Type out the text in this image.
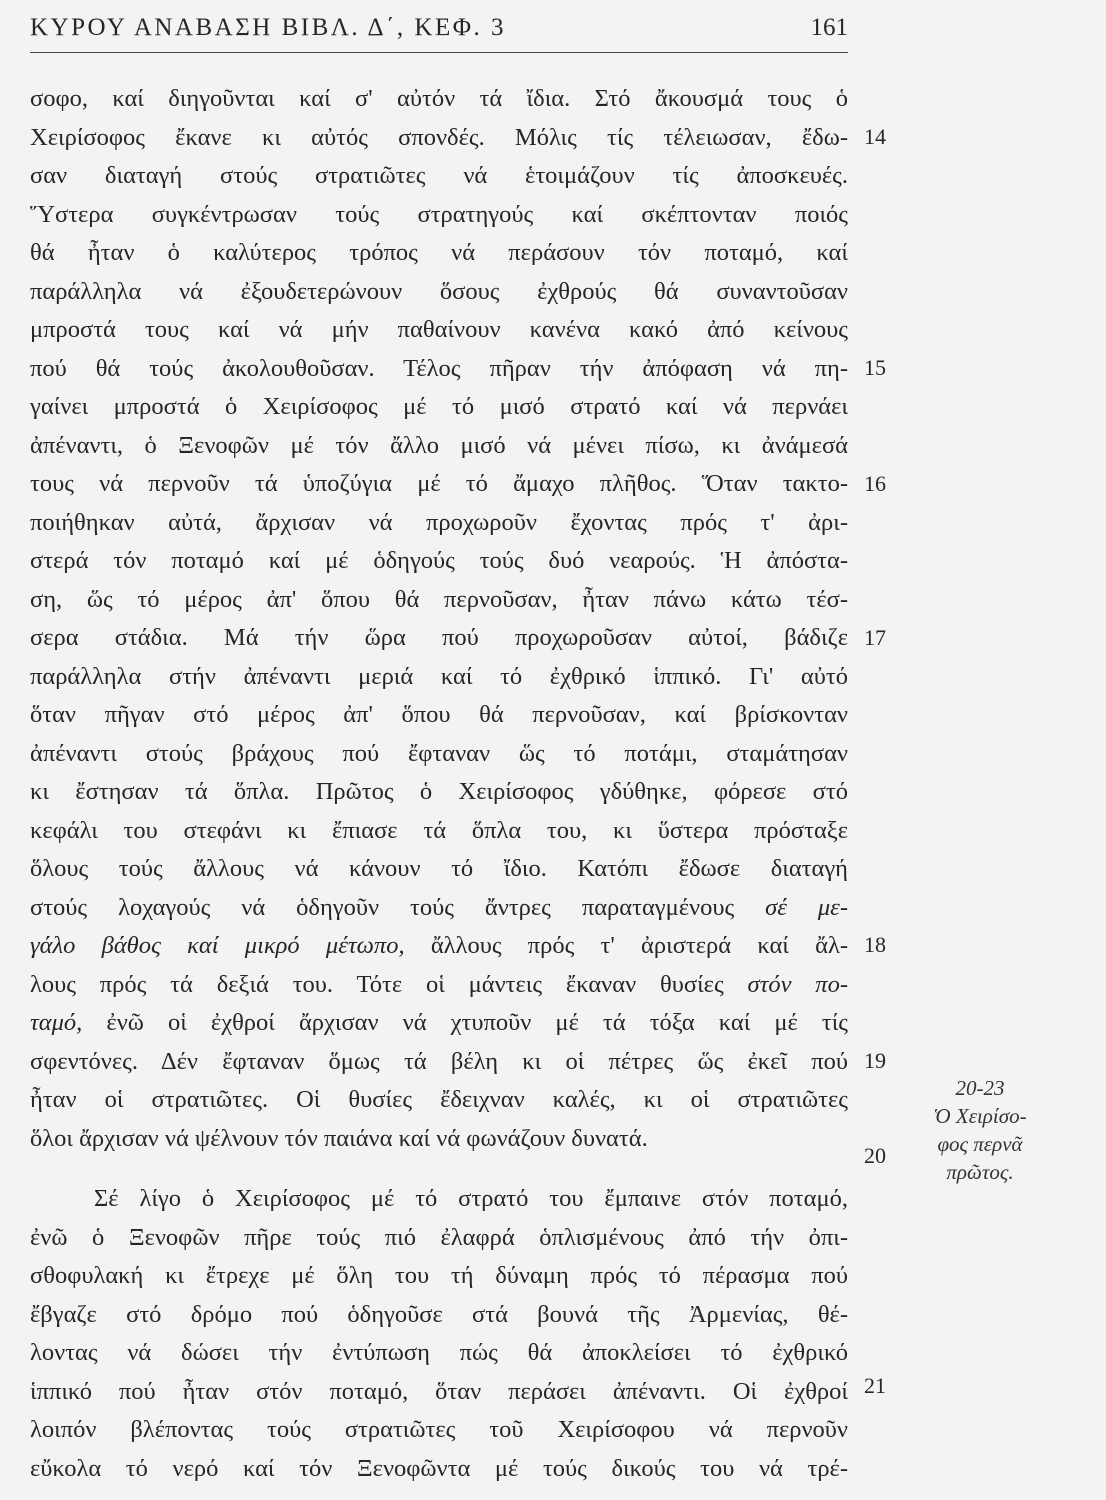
ΚΥΡΟΥ ΑΝΑΒΑΣΗ ΒΙΒΛ. Δ΄, ΚΕΦ. 3	161
σοφο, καί διηγοῦνται καί σ' αὐτόν τά ἴδια. Στό ἄκουσμά τους ὁ
Χειρίσοφος ἔκανε κι αὐτός σπονδές. Μόλις τίς τέλειωσαν, ἔδω-
σαν διαταγή στούς στρατιῶτες νά ἑτοιμάζουν τίς ἀποσκευές.
Ὕστερα συγκέντρωσαν τούς στρατηγούς καί σκέπτονταν ποιός
θά ἦταν ὁ καλύτερος τρόπος νά περάσουν τόν ποταμό, καί
παράλληλα νά ἐξουδετερώνουν ὅσους ἐχθρούς θά συναντοῦσαν
μπροστά τους καί νά μήν παθαίνουν κανένα κακό ἀπό κείνους
πού θά τούς ἀκολουθοῦσαν. Τέλος πῆραν τήν ἀπόφαση νά πη-
γαίνει μπροστά ὁ Χειρίσοφος μέ τό μισό στρατό καί νά περνάει
ἀπέναντι, ὁ Ξενοφῶν μέ τόν ἄλλο μισό νά μένει πίσω, κι ἀνάμεσά
τους νά περνοῦν τά ὑποζύγια μέ τό ἄμαχο πλῆθος. Ὅταν τακτο-
ποιήθηκαν αὐτά, ἄρχισαν νά προχωροῦν ἔχοντας πρός τ' ἀρι-
στερά τόν ποταμό καί μέ ὁδηγούς τούς δυό νεαρούς. Ἡ ἀπόστα-
ση, ὥς τό μέρος ἀπ' ὅπου θά περνοῦσαν, ἦταν πάνω κάτω τέσ-
σερα στάδια. Μά τήν ὥρα πού προχωροῦσαν αὐτοί, βάδιζε
παράλληλα στήν ἀπέναντι μεριά καί τό ἐχθρικό ἱππικό. Γι' αὐτό
ὅταν πῆγαν στό μέρος ἀπ' ὅπου θά περνοῦσαν, καί βρίσκονταν
ἀπέναντι στούς βράχους πού ἔφταναν ὥς τό ποτάμι, σταμάτησαν
κι ἔστησαν τά ὅπλα. Πρῶτος ὁ Χειρίσοφος γδύθηκε, φόρεσε στό
κεφάλι του στεφάνι κι ἔπιασε τά ὅπλα του, κι ὕστερα πρόσταξε
ὅλους τούς ἄλλους νά κάνουν τό ἴδιο. Κατόπι ἔδωσε διαταγή
στούς λοχαγούς νά ὁδηγοῦν τούς ἄντρες παραταγμένους σέ με-
γάλο βάθος καί μικρό μέτωπο, ἄλλους πρός τ' ἀριστερά καί ἄλ-
λους πρός τά δεξιά του. Τότε οἱ μάντεις ἔκαναν θυσίες στόν πο-
ταμό, ἐνῶ οἱ ἐχθροί ἄρχισαν νά χτυποῦν μέ τά τόξα καί μέ τίς
σφεντόνες. Δέν ἔφταναν ὅμως τά βέλη κι οἱ πέτρες ὥς ἐκεῖ πού
ἦταν οἱ στρατιῶτες. Οἱ θυσίες ἔδειχναν καλές, κι οἱ στρατιῶτες
ὅλοι ἄρχισαν νά ψέλνουν τόν παιάνα καί νά φωνάζουν δυνατά.
Σέ λίγο ὁ Χειρίσοφος μέ τό στρατό του ἔμπαινε στόν ποταμό,
ἐνῶ ὁ Ξενοφῶν πῆρε τούς πιό ἐλαφρά ὁπλισμένους ἀπό τήν ὀπι-
σθοφυλακή κι ἔτρεχε μέ ὅλη του τή δύναμη πρός τό πέρασμα πού
ἔβγαζε στό δρόμο πού ὁδηγοῦσε στά βουνά τῆς Ἀρμενίας, θέ-
λοντας νά δώσει τήν ἐντύπωση πώς θά ἀποκλείσει τό ἐχθρικό
ἱππικό πού ἦταν στόν ποταμό, ὅταν περάσει ἀπέναντι. Οἱ ἐχθροί
λοιπόν βλέποντας τούς στρατιῶτες τοῦ Χειρίσοφου νά περνοῦν
εὔκολα τό νερό καί τόν Ξενοφῶντα μέ τούς δικούς του νά τρέ-
14
15
16
17
18
19
20
21
20-23
Ὁ Χειρίσο-
φος περνᾶ
πρῶτος.
